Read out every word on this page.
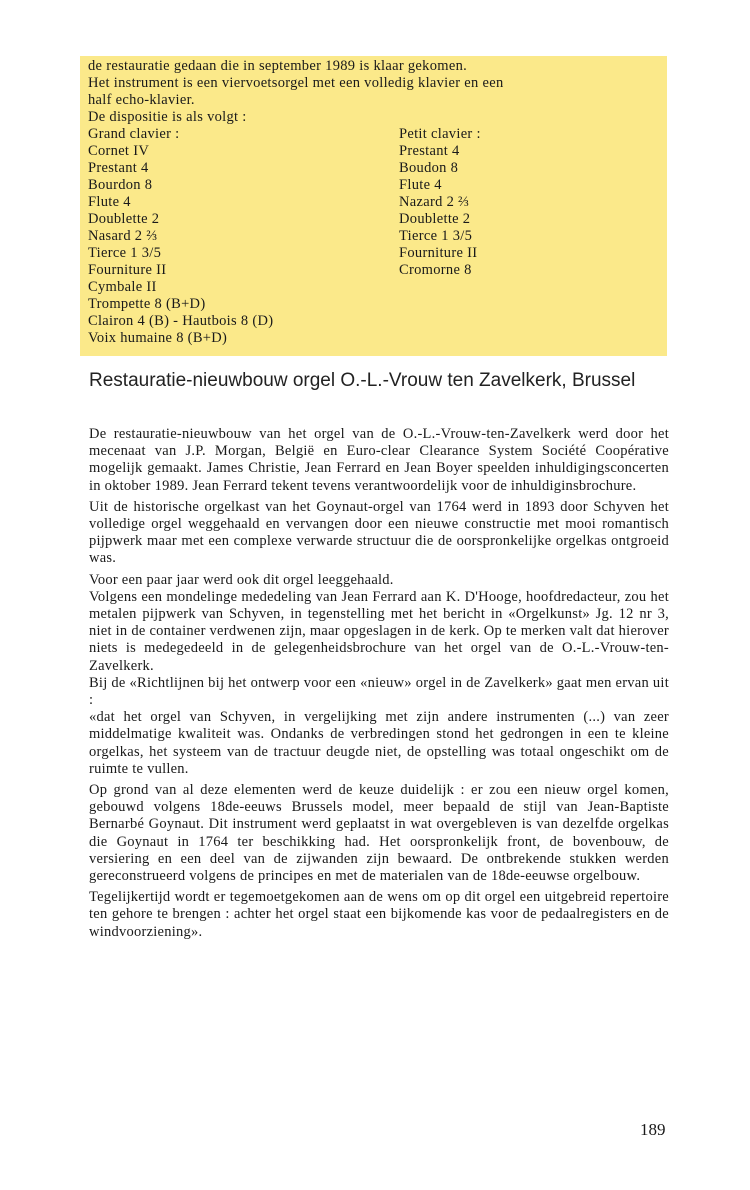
de restauratie gedaan die in september 1989 is klaar gekomen.
Het instrument is een viervoetsorgel met een volledig klavier en een
half echo-klavier.
De dispositie is als volgt :
Grand clavier :
Cornet IV
Prestant 4
Bourdon 8
Flute 4
Doublette 2
Nasard 2 ⅔
Tierce 1 3/5
Fourniture II
Cymbale II
Trompette 8 (B+D)
Clairon 4 (B) - Hautbois 8 (D)
Voix humaine 8 (B+D)
Petit clavier :
Prestant 4
Boudon 8
Flute 4
Nazard 2 ⅔
Doublette 2
Tierce 1 3/5
Fourniture II
Cromorne 8
Restauratie-nieuwbouw orgel O.-L.-Vrouw ten Zavelkerk, Brussel

De restauratie-nieuwbouw van het orgel van de O.-L.-Vrouw-ten-Zavelkerk werd door het mecenaat van J.P. Morgan, België en Euro-clear Clearance System Société Coopérative mogelijk gemaakt. James Christie, Jean Ferrard en Jean Boyer speelden inhuldigingsconcerten in oktober 1989. Jean Ferrard tekent tevens verantwoordelijk voor de inhuldiginsbrochure.

Uit de historische orgelkast van het Goynaut-orgel van 1764 werd in 1893 door Schyven het volledige orgel weggehaald en vervangen door een nieuwe constructie met mooi romantisch pijpwerk maar met een complexe verwarde structuur die de oorspronkelijke orgelkas ontgroeid was.

Voor een paar jaar werd ook dit orgel leeggehaald.

Volgens een mondelinge mededeling van Jean Ferrard aan K. D'Hooge, hoofdredacteur, zou het metalen pijpwerk van Schyven, in tegenstelling met het bericht in «Orgelkunst» Jg. 12 nr 3, niet in de container verdwenen zijn, maar opgeslagen in de kerk. Op te merken valt dat hierover niets is medegedeeld in de gelegenheidsbrochure van het orgel van de O.-L.-Vrouw-ten-Zavelkerk.

Bij de «Richtlijnen bij het ontwerp voor een «nieuw» orgel in de Zavelkerk» gaat men ervan uit :

«dat het orgel van Schyven, in vergelijking met zijn andere instrumenten (...) van zeer middelmatige kwaliteit was. Ondanks de verbredingen stond het gedrongen in een te kleine orgelkas, het systeem van de tractuur deugde niet, de opstelling was totaal ongeschikt om de ruimte te vullen.

Op grond van al deze elementen werd de keuze duidelijk : er zou een nieuw orgel komen, gebouwd volgens 18de-eeuws Brussels model, meer bepaald de stijl van Jean-Baptiste Bernarbé Goynaut. Dit instrument werd geplaatst in wat overgebleven is van dezelfde orgelkas die Goynaut in 1764 ter beschikking had. Het oorspronkelijk front, de bovenbouw, de versiering en een deel van de zijwanden zijn bewaard. De ontbrekende stukken werden gereconstrueerd volgens de principes en met de materialen van de 18de-eeuwse orgelbouw.

Tegelijkertijd wordt er tegemoetgekomen aan de wens om op dit orgel een uitgebreid repertoire ten gehore te brengen : achter het orgel staat een bijkomende kas voor de pedaalregisters en de windvoorziening».

189
